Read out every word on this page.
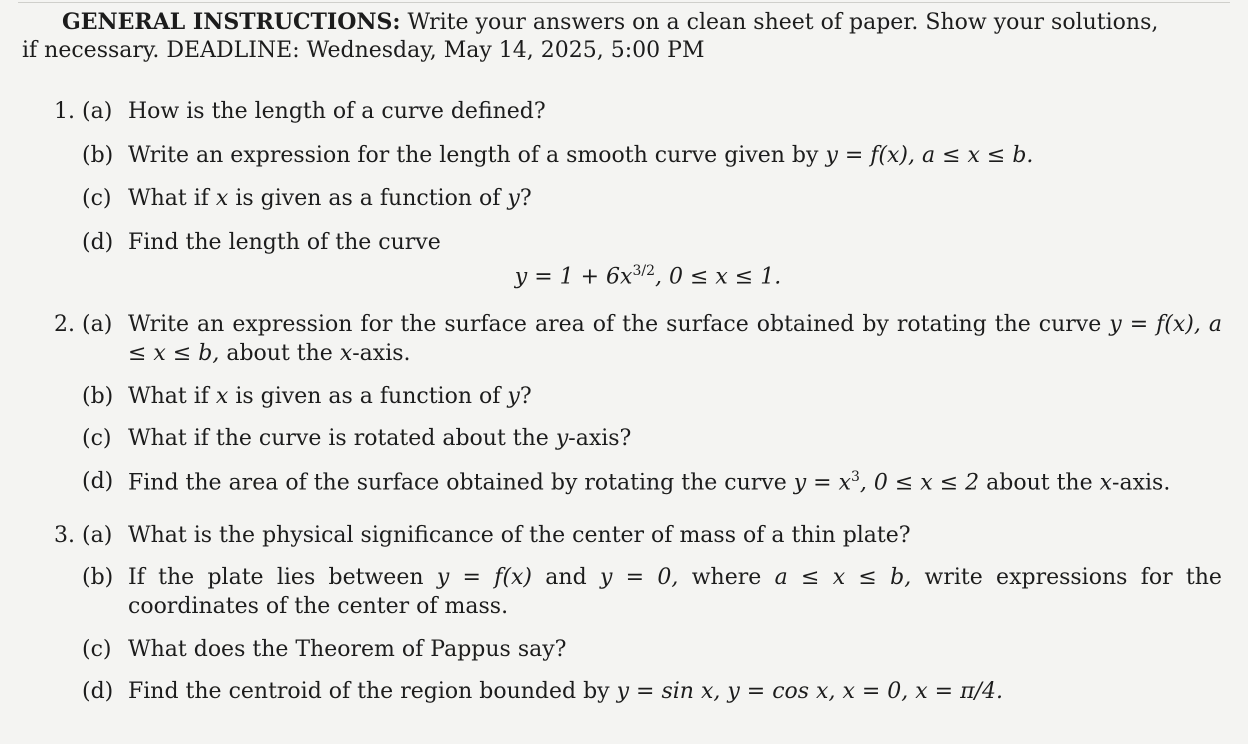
GENERAL INSTRUCTIONS: Write your answers on a clean sheet of paper. Show your solutions,

if necessary. DEADLINE: Wednesday, May 14, 2025, 5:00 PM

1. (a) How is the length of a curve defined?
(b) Write an expression for the length of a smooth curve given by y = f(x), a ≤ x ≤ b.
(c) What if x is given as a function of y?
(d) Find the length of the curve
$y = 1 + 6x^{3/2}$, 0 ≤ x ≤ 1.
2. (a) Write an expression for the surface area of the surface obtained by rotating the curve y = f(x), a ≤ x ≤ b, about the x-axis.
(b) What if x is given as a function of y?
(c) What if the curve is rotated about the y-axis?
(d) Find the area of the surface obtained by rotating the curve $y = x^3$, 0 ≤ x ≤ 2 about the x-axis.
3. (a) What is the physical significance of the center of mass of a thin plate?
(b) If the plate lies between y = f(x) and y = 0, where a ≤ x ≤ b, write expressions for the coordinates of the center of mass.
(c) What does the Theorem of Pappus say?
(d) Find the centroid of the region bounded by y = sin x, y = cos x, x = 0, x = π/4.
